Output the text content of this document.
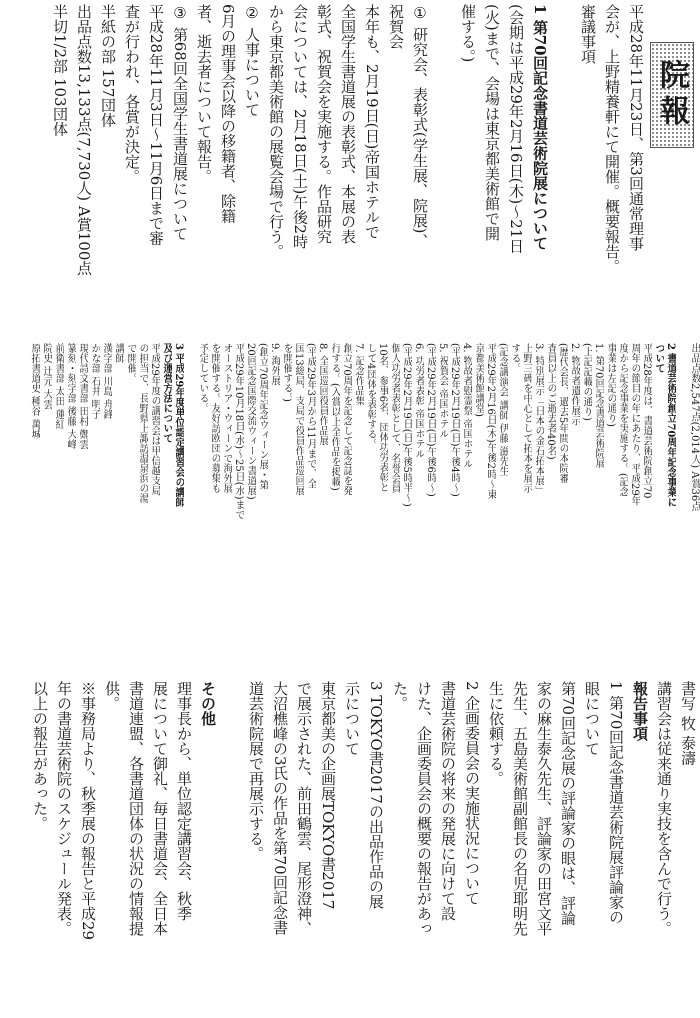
院報
平成28年11月23日、第3回通常理事
会が、上野精養軒にて開催。概要報告。
審議事項
1 第70回記念書道芸術院展について
(会期は平成29年2月16日(木)〜21日
(火)まで、会場は東京都美術館で開
催する。)
① 研究会、表彰式(学生展、院展)、
祝賀会
本年も、2月19日(日)帝国ホテルで
全国学生書道展の表彰式、本展の表
彰式、祝賀会を実施する。作品研究
会については、2月18日(土)午後2時
から東京都美術館の展覧会場で行う。
② 人事について
6月の理事会以降の移籍者、除籍
者、逝去者について報告。
③ 第68回全国学生書道展について
平成28年11月3日〜11月6日まで審
査が行われ、各賞が決定。
半紙の部 157団体
出品点数13,133点(7,730人) A賞100点
半切1/2部 103団体
出品点数2,547点(2,014人) A賞36点
2 書道芸術院創立70周年記念事業に
ついて
平成28年度は、書道芸術院創立70
周年の節目の年にあたり、平成29年
度から記念事業を実施する。(記念
事業は左記の通り)
1. 第70回記念書道芸術院展
(上記記載の通り)
2. 物故者遺作展示
(歴代会長、過去5年間の本院審
査員以上のご逝去者40名)
3. 特別展示「日本の金石拓本展」
上野三碑を中心として拓本を展示
する。
(記念講演会 講師 伊藤 滋先生
平成29年2月16日(木)午後2時〜東
京都美術館講堂)
4. 物故者慰霊祭 帝国ホテル
(平成29年2月19日(日)午後4時〜)
5. 祝賀会 帝国ホテル
(平成29年2月19日(日)午後6時〜)
6. 功労者表彰 帝国ホテル
(平成29年2月19日(日)午後5時半〜)
個人功労者表彰として、名誉会員
10名、参事6名、団体功労表彰と
して4団体を表彰する。
7. 記念作品集
創立70周年を記念して記念誌を発
行する。(入賞以上全作品を掲載)
8. 全国巡回役員作品展
(平成29年3月から11月まで、全
国13総局、支局で役員作品巡回展
を開催する。)
9. 海外展
(創立70周年記念ウィーン展・第
20回記念国際交流ウィーン書道展)
平成29年10月18日(水)〜25日(水)まで
オーストリア・ウィーンで海外展
を開催する。友好訪欧団の募集も
予定している。
3 平成29年度単位認定講習会の講師
及び運営方法について
平成29年度の講習会は甲信越支局
の担当で、長野県上諏訪温泉浜の湯
で開催。
講師
漢字部 川島 舟鋒
かな部 石井 明子
現代詩文書部 田村 鄭雲
篆刻・刻字部 後藤 大峰
前衛書部 太田 蓮紅
院史 辻元 大雲
原拓書道史 種谷 萬城
書写 牧 泰濤
講習会は従来通り実技を含んで行う。
報告事項
1 第70回記念書道芸術院展評論家の
眼について
第70回記念展の評論家の眼は、評論
家の麻生泰久先生、評論家の田宮文平
先生、五島美術館副館長の名児耶明先
生に依頼する。
2 企画委員会の実施状況について
書道芸術院の将来の発展に向けて設
けた、企画委員会の概要の報告があっ
た。
3 TOKYO書2017の出品作品の展
示について
東京都美の企画展TOKYO書2017
で展示された、前田鶴雲、尾形澄神、
大沼樵峰の3氏の作品を第70回記念書
道芸術院展で再展示する。
その他
理事長から、単位認定講習会、秋季
展について御礼、毎日書道会、全日本
書道連盟、各書道団体の状況の情報提
供。
※事務局より、秋季展の報告と平成29
年の書道芸術院のスケジュール発表。
以上の報告があった。
